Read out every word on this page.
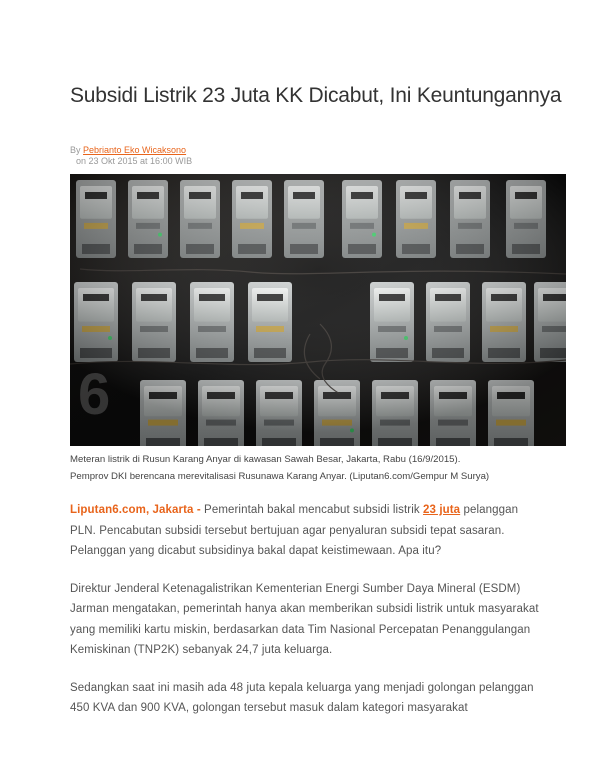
Subsidi Listrik 23 Juta KK Dicabut, Ini Keuntungannya
By Pebrianto Eko Wicaksono
on 23 Okt 2015 at 16:00 WIB
6
Meteran listrik di Rusun Karang Anyar di kawasan Sawah Besar, Jakarta, Rabu (16/9/2015).
Pemprov DKI berencana merevitalisasi Rusunawa Karang Anyar. (Liputan6.com/Gempur M Surya)

Liputan6.com, Jakarta - Pemerintah bakal mencabut subsidi listrik 23 juta pelanggan PLN. Pencabutan subsidi tersebut bertujuan agar penyaluran subsidi tepat sasaran. Pelanggan yang dicabut subsidinya bakal dapat keistimewaan. Apa itu?

Direktur Jenderal Ketenagalistrikan Kementerian Energi Sumber Daya Mineral (ESDM) Jarman mengatakan, pemerintah hanya akan memberikan subsidi listrik untuk masyarakat yang memiliki kartu miskin, berdasarkan data Tim Nasional Percepatan Penanggulangan Kemiskinan (TNP2K) sebanyak 24,7 juta keluarga.

Sedangkan saat ini masih ada 48 juta kepala keluarga yang menjadi golongan pelanggan 450 KVA dan 900 KVA, golongan tersebut masuk dalam kategori masyarakat
